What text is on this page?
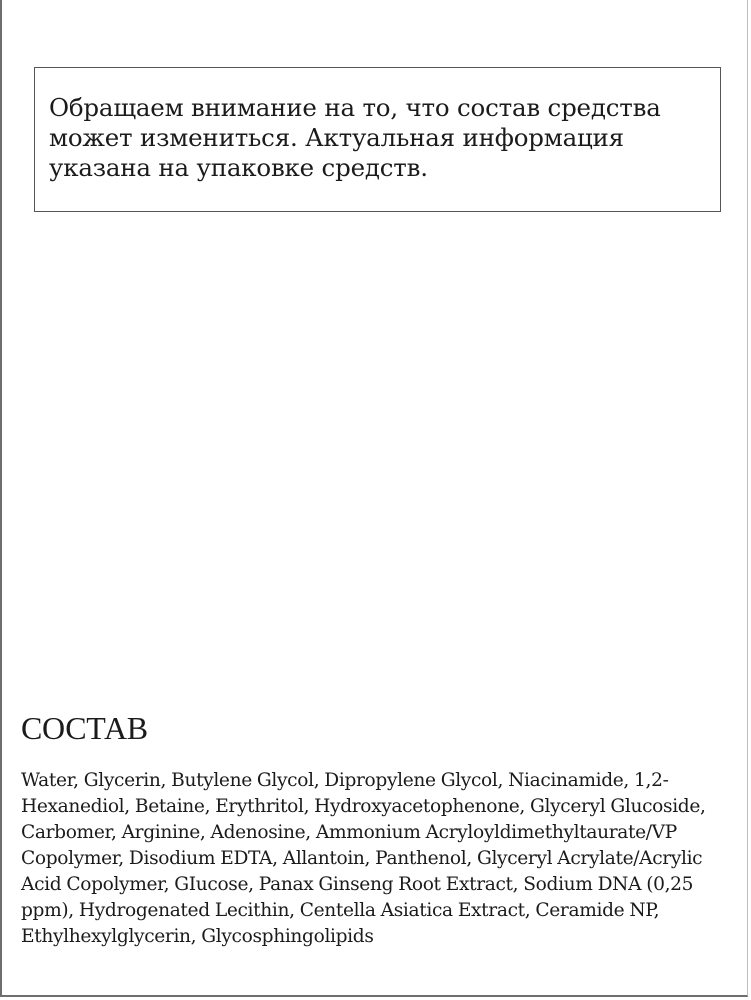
Обращаем внимание на то, что состав средства может измениться. Актуальная информация указана на упаковке средств.

СОСТАВ

Water, Glycerin, Butylene Glycol, Dipropylene Glycol, Niacinamide, 1,2-Hexanediol, Betaine, Erythritol, Hydroxyacetophenone, Glyceryl Glucoside, Carbomer, Arginine, Adenosine, Ammonium Acryloyldimethyltaurate/VP Copolymer, Disodium EDTA, Allantoin, Panthenol, Glyceryl Acrylate/Acrylic Acid Copolymer, GIucose, Panax Ginseng Root Extract, Sodium DNA (0,25 ppm), Hydrogenated Lecithin, Centella Asiatica Extract, Ceramide NP, Ethylhexylglycerin, Glycosphingolipids
